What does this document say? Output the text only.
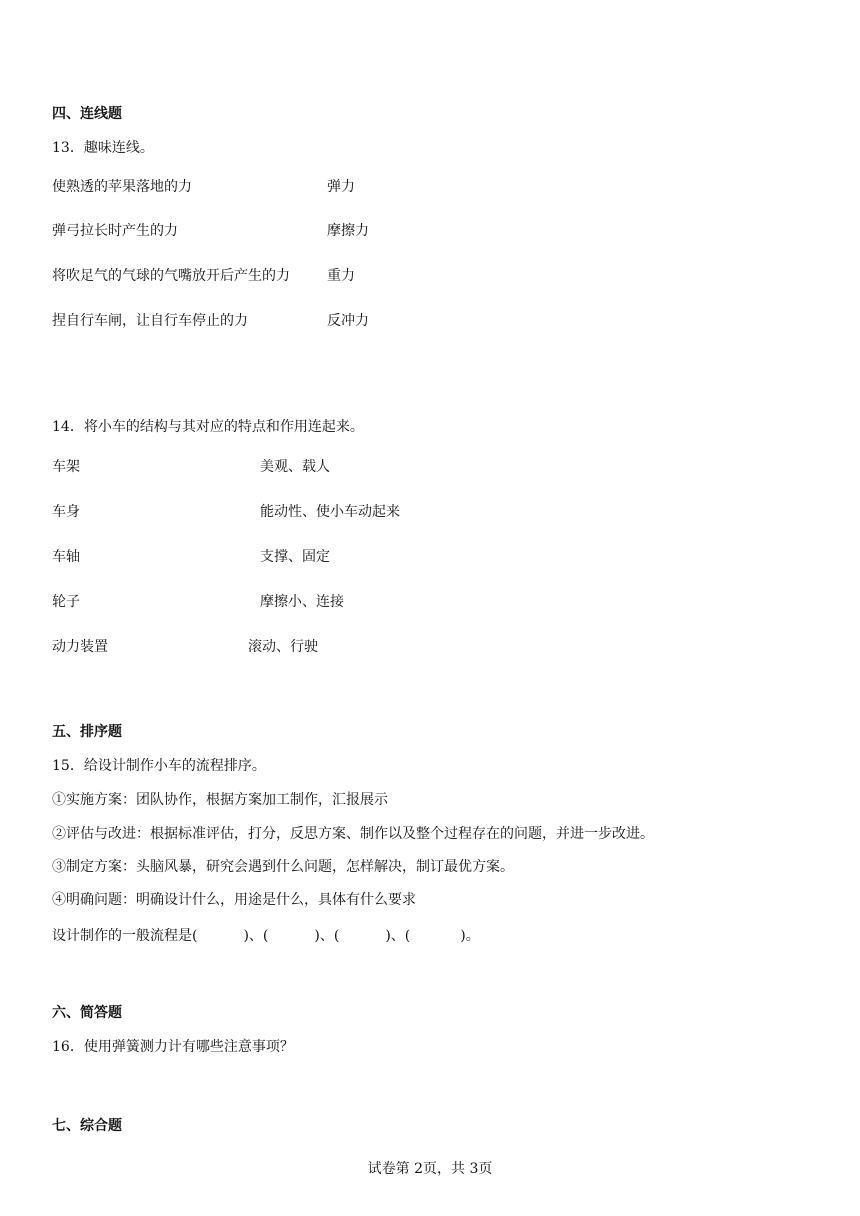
四、连线题
13．趣味连线。
使熟透的苹果落地的力	弹力
弹弓拉长时产生的力	摩擦力
将吹足气的气球的气嘴放开后产生的力	重力
捏自行车闸，让自行车停止的力	反冲力
14．将小车的结构与其对应的特点和作用连起来。
车架	美观、载人
车身	能动性、使小车动起来
车轴	支撑、固定
轮子	摩擦小、连接
动力装置	滚动、行驶
五、排序题
15．给设计制作小车的流程排序。
①实施方案：团队协作，根据方案加工制作，汇报展示
②评估与改进：根据标准评估，打分，反思方案、制作以及整个过程存在的问题，并进一步改进。
③制定方案：头脑风暴，研究会遇到什么问题，怎样解决，制订最优方案。
④明确问题：明确设计什么，用途是什么，具体有什么要求
设计制作的一般流程是(	)、(	)、(	)、(	)。
六、简答题
16．使用弹簧测力计有哪些注意事项？
七、综合题
试卷第 2页，共 3页
